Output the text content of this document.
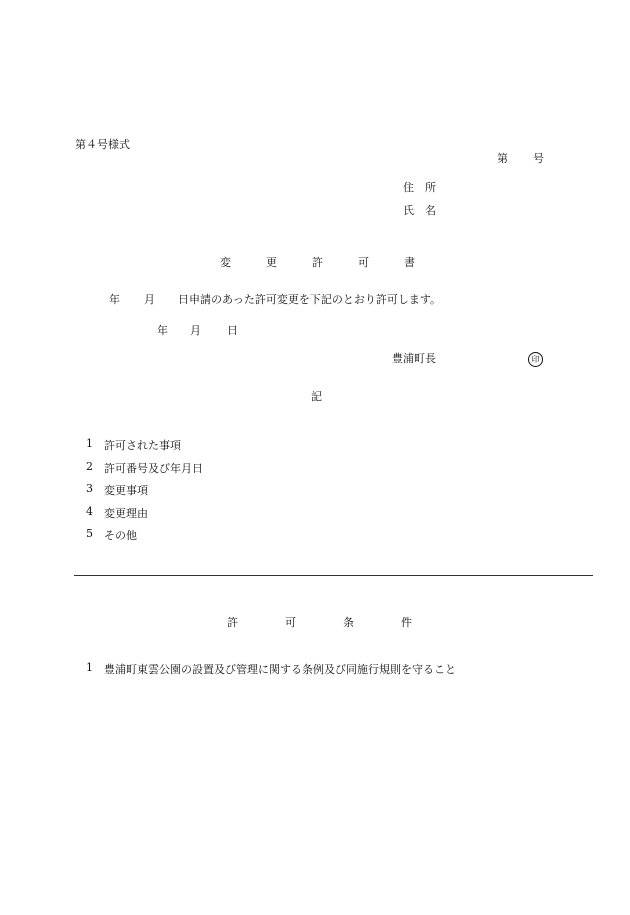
第４号様式
第 号
住所
氏名
変	更	許	可	書
年 月 日申請のあった許可変更を下記のとおり許可します。
年 月 日
豊浦町長	印
記
1	許可された事項
2	許可番号及び年月日
3	変更事項
4	変更理由
5	その他
許	可	条	件
1	豊浦町東雲公園の設置及び管理に関する条例及び同施行規則を守ること
